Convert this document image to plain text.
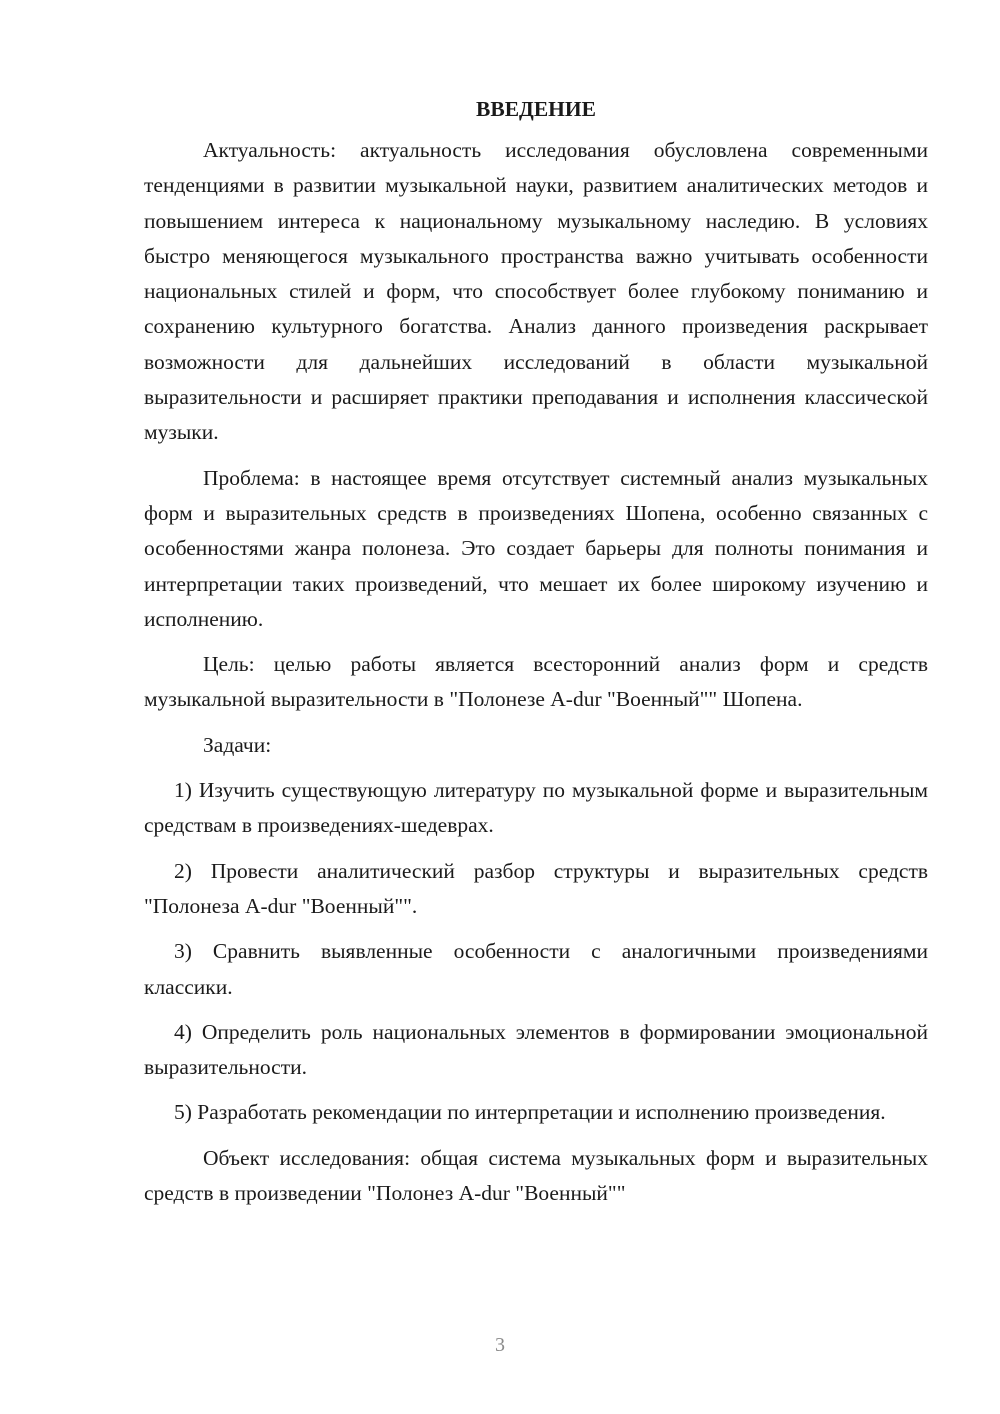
ВВЕДЕНИЕ

Актуальность: актуальность исследования обусловлена современными тенденциями в развитии музыкальной науки, развитием аналитических методов и повышением интереса к национальному музыкальному наследию. В условиях быстро меняющегося музыкального пространства важно учитывать особенности национальных стилей и форм, что способствует более глубокому пониманию и сохранению культурного богатства. Анализ данного произведения раскрывает возможности для дальнейших исследований в области музыкальной выразительности и расширяет практики преподавания и исполнения классической музыки.

Проблема: в настоящее время отсутствует системный анализ музыкальных форм и выразительных средств в произведениях Шопена, особенно связанных с особенностями жанра полонеза. Это создает барьеры для полноты понимания и интерпретации таких произведений, что мешает их более широкому изучению и исполнению.

Цель: целью работы является всесторонний анализ форм и средств музыкальной выразительности в "Полонезе A-dur "Военный"" Шопена.

Задачи:

1) Изучить существующую литературу по музыкальной форме и выразительным средствам в произведениях-шедеврах.

2) Провести аналитический разбор структуры и выразительных средств "Полонеза A-dur "Военный"".

3) Сравнить выявленные особенности с аналогичными произведениями классики.

4) Определить роль национальных элементов в формировании эмоциональной выразительности.

5) Разработать рекомендации по интерпретации и исполнению произведения.

Объект исследования: общая система музыкальных форм и выразительных средств в произведении "Полонез A-dur "Военный""

3
